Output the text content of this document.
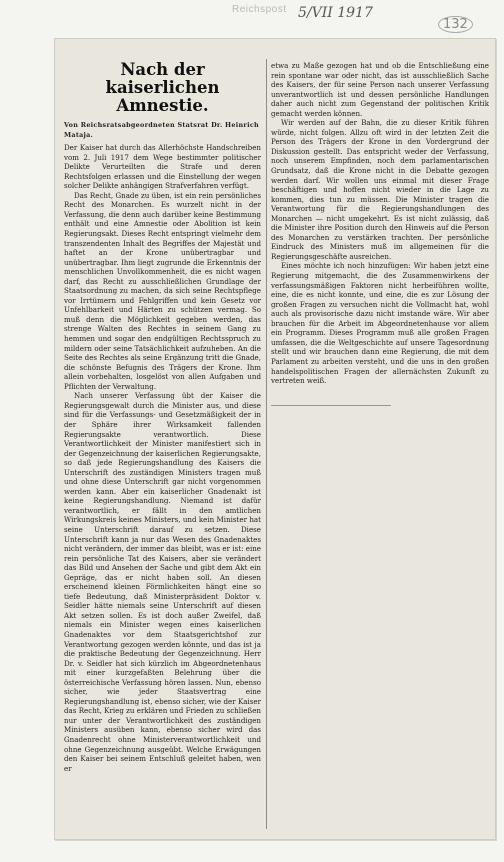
Reichspost 5/VII 1917
132
Nach der kaiserlichen Amnestie.
Von Reichsratsabgeordneten Statsrat Dr. Heinrich Mataja.

Der Kaiser hat durch das Allerhöchste Handschreiben vom 2. Juli 1917 dem Wege bestimmter politischer Delikte Verurteilten die Strafe und deren Rechtsfolgen erlassen und die Einstellung der wegen solcher Delikte anhängigen Strafverfahren verfügt.

Das Recht, Gnade zu üben, ist ein rein persönliches Recht des Monarchen. Es wurzelt nicht in der Verfassung, die denn auch darüber keine Bestimmung enthält und eine Amnestie oder Abolition ist kein Regierungsakt. Dieses Recht entspringt vielmehr dem transzendenten Inhalt des Begriffes der Majestät und haftet an der Krone unübertragbar und unübertragbar. Ihm liegt zugrunde die Erkenntnis der menschlichen Unvollkommenheit, die es nicht wagen darf, das Recht zu ausschließlichen Grundlage der Staatsordnung zu machen, da sich seine Rechtspflege vor Irrtümern und Fehlgriffen und kein Gesetz vor Unfehlbarkeit und Härten zu schützen vermag. So muß denn die Möglichkeit gegeben werden, das strenge Walten des Rechtes in seinem Gang zu hemmen und sogar den endgültigen Rechtsspruch zu mildern oder seine Tatsächlichkeit aufzuheben. An die Seite des Rechtes als seine Ergänzung tritt die Gnade, die schönste Befugnis des Trägers der Krone. Ihm allein vorbehalten, losgelöst von allen Aufgaben und Pflichten der Verwaltung.

Nach unserer Verfassung übt der Kaiser die Regierungsgewalt durch die Minister aus, und diese sind für die Verfassungs- und Gesetzmäßigkeit der in der Sphäre ihrer Wirksamkeit fallenden Regierungsakte verantwortlich. Diese Verantwortlichkeit der Minister manifestiert sich in der Gegenzeichnung der kaiserlichen Regierungsakte, so daß jede Regierungshandlung des Kaisers die Unterschrift des zuständigen Ministers tragen muß und ohne diese Unterschrift gar nicht vorgenommen werden kann. Aber ein kaiserlicher Gnadenakt ist keine Regierungshandlung. Niemand ist dafür verantwortlich, er fällt in den amtlichen Wirkungskreis keines Ministers, und kein Minister hat seine Unterschrift darauf zu setzen. Diese Unterschrift kann ja nur das Wesen des Gnadenaktes nicht verändern, der immer das bleibt, was er ist: eine rein persönliche Tat des Kaisers, aber sie verändert das Bild und Ansehen der Sache und gibt dem Akt ein Gepräge, das er nicht haben soll. An diesen erscheinend kleinen Förmlichkeiten hängt eine so tiefe Bedeutung, daß Ministerpräsident Doktor v. Seidler hätte niemals seine Unterschrift auf diesen Akt setzen sollen. Es ist doch außer Zweifel, daß niemals ein Minister wegen eines kaiserlichen Gnadenaktes vor dem Staatsgerichtshof zur Verantwortung gezogen werden könnte, und das ist ja die praktische Bedeutung der Gegenzeichnung. Herr Dr. v. Seidler hat sich kürzlich im Abgeordnetenhaus mit einer kurzgefaßten Belehrung über die österreichische Verfassung hören lassen. Nun, ebenso sicher, wie jeder Staatsvertrag eine Regierungshandlung ist, ebenso sicher, wie der Kaiser das Recht, Krieg zu erklären und Frieden zu schließen nur unter der Verantwortlichkeit des zuständigen Ministers ausüben kann, ebenso sicher wird das Gnadenrecht ohne Ministerverantwortlichkeit und ohne Gegenzeichnung ausgeübt. Welche Erwägungen den Kaiser bei seinem Entschluß geleitet haben, wen er

etwa zu Maße gezogen hat und ob die Entschließung eine rein spontane war oder nicht, das ist ausschließlich Sache des Kaisers, der für seine Person nach unserer Verfassung unverantwortlich ist und dessen persönliche Handlungen daher auch nicht zum Gegenstand der politischen Kritik gemacht werden können.

Wir werden auf der Bahn, die zu dieser Kritik führen würde, nicht folgen. Allzu oft wird in der letzten Zeit die Person des Trägers der Krone in den Vordergrund der Diskussion gestellt. Das entspricht weder der Verfassung, noch unserem Empfinden, noch dem parlamentarischen Grundsatz, daß die Krone nicht in die Debatte gezogen werden darf. Wir wollen uns einmal mit dieser Frage beschäftigen und hoffen nicht wieder in die Lage zu kommen, dies tun zu müssen. Die Minister tragen die Verantwortung für die Regierungshandlungen des Monarchen — nicht umgekehrt. Es ist nicht zulässig, daß die Minister ihre Position durch den Hinweis auf die Person des Monarchen zu verstärken trachten. Der persönliche Eindruck des Ministers muß im allgemeinen für die Regierungsgeschäfte ausreichen.

Eines möchte ich noch hinzufügen: Wir haben jetzt eine Regierung mitgemacht, die des Zusammenwirkens der verfassungsmäßigen Faktoren nicht herbeiführen wollte, eine, die es nicht konnte, und eine, die es zur Lösung der großen Fragen zu versuchen nicht die Vollmacht hat, wohl auch als provisorische dazu nicht imstande wäre. Wir aber brauchen für die Arbeit im Abgeordnetenhause vor allem ein Programm. Dieses Programm muß alle großen Fragen umfassen, die die Weltgeschichte auf unsere Tagesordnung stellt und wir brauchen dann eine Regierung, die mit dem Parlament zu arbeiten versteht, und die uns in den großen handelspolitischen Fragen der allernächsten Zukunft zu vertreten weiß.
